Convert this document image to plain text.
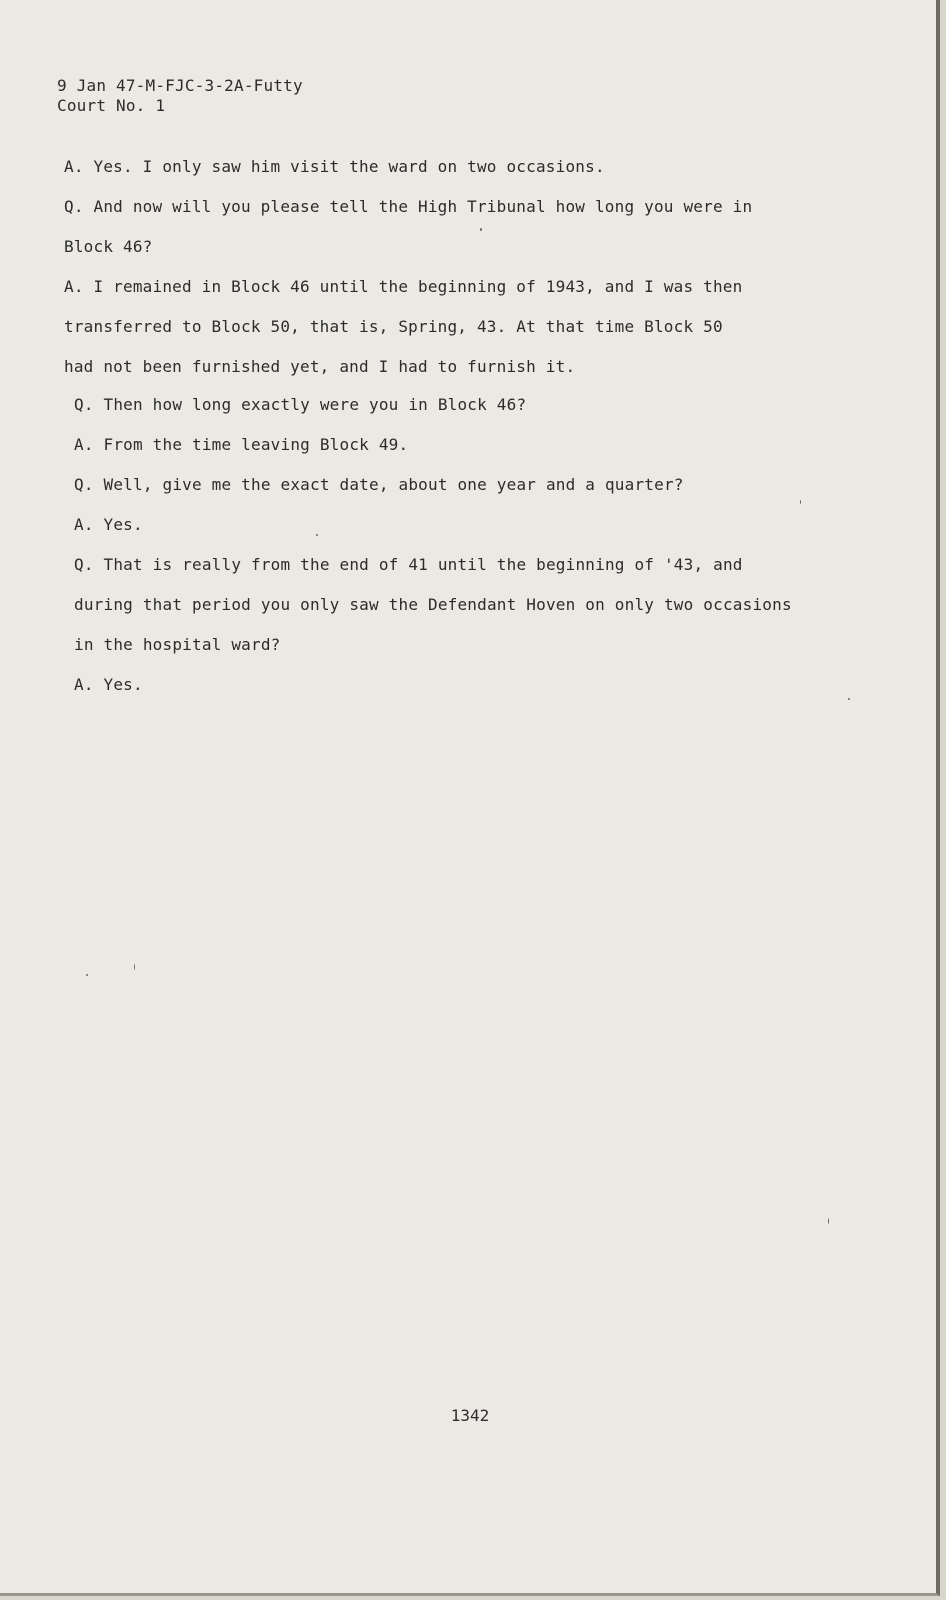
9 Jan 47-M-FJC-3-2A-Futty
Court No. 1
A. Yes. I only saw him visit the ward on two occasions.
Q. And now will you please tell the High Tribunal how long you were in
Block 46?
A. I remained in Block 46 until the beginning of 1943, and I was then
transferred to Block 50, that is, Spring, 43. At that time Block 50
had not been furnished yet, and I had to furnish it.
Q. Then how long exactly were you in Block 46?
A. From the time leaving Block 49.
Q. Well, give me the exact date, about one year and a quarter?
A. Yes.
Q. That is really from the end of 41 until the beginning of '43, and
during that period you only saw the Defendant Hoven on only two occasions
in the hospital ward?
A. Yes.
1342
